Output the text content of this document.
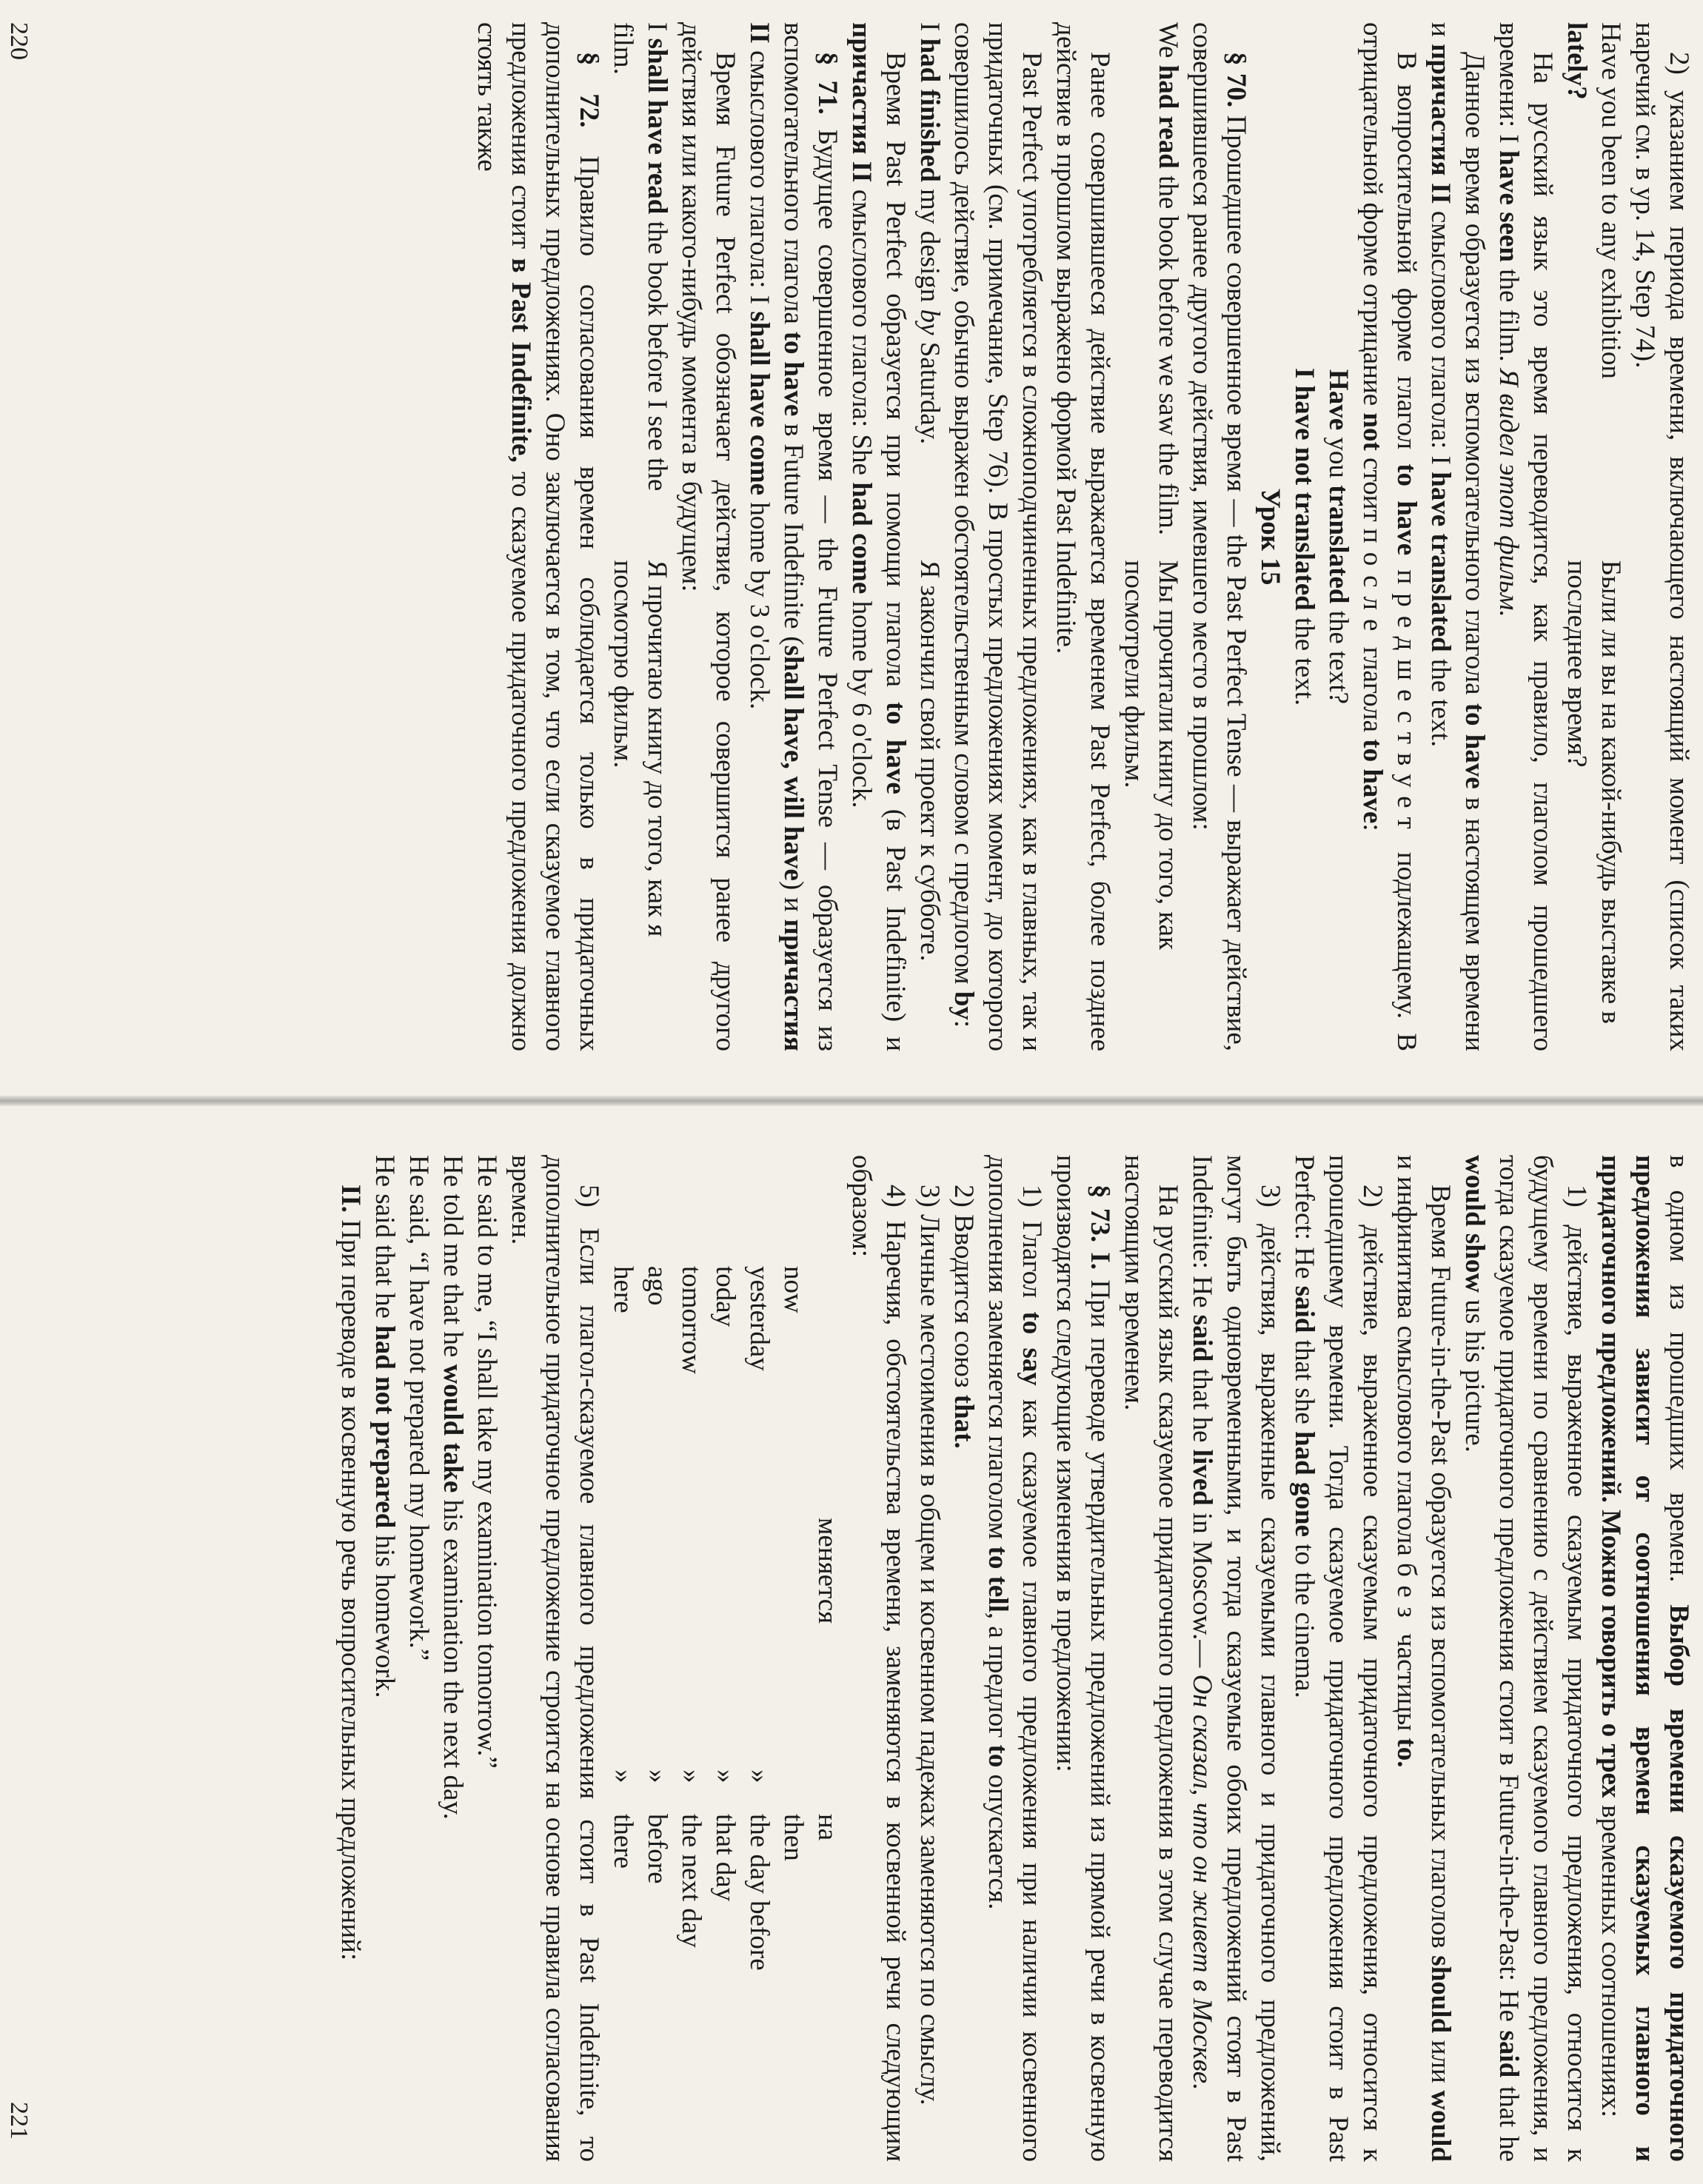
2) указанием периода времени, включающего настоящий момент (список таких наречий см. в ур. 14, Step 74).

Have you been to any exhibition
lately?
Были ли вы на какой-нибудь выставке в последнее время?

На русский язык это время переводится, как правило, глаголом прошедшего времени: I have seen the film. Я видел этот фильм.

Данное время образуется из вспомогательного глагола to have в настоящем времени и причастия II смыслового глагола: I have translated the text.

В вопросительной форме глагол to have предшествует подлежащему. В отрицательной форме отрицание not стоит после глагола to have:

Have you translated the text?

I have not translated the text.

Урок 15

§ 70. Прошедшее совершенное время — the Past Perfect Tense — выражает действие, совершившееся ранее другого действия, имевшего место в прошлом:

We had read the book before we saw the film.
Мы прочитали книгу до того, как посмотрели фильм.

Ранее совершившееся действие выражается временем Past Perfect, более позднее действие в прошлом выражено формой Past Indefinite.

Past Perfect употребляется в сложноподчиненных предложениях, как в главных, так и придаточных (см. примечание, Step 76). В простых предложениях момент, до которого совершилось действие, обычно выражен обстоятельственным словом с предлогом by:

I had finished my design by Saturday.
Я закончил свой проект к субботе.

Время Past Perfect образуется при помощи глагола to have (в Past Indefinite) и причастия II смыслового глагола: She had come home by 6 o'clock.

§ 71. Будущее совершенное время — the Future Perfect Tense — образуется из вспомогательного глагола to have в Future Indefinite (shall have, will have) и причастия II смыслового глагола: I shall have come home by 3 o'clock.

Время Future Perfect обозначает действие, которое совершится ранее другого действия или какого-нибудь момента в будущем:

I shall have read the book before I see the film.
Я прочитаю книгу до того, как я посмотрю фильм.

§ 72. Правило согласования времен соблюдается только в придаточных дополнительных предложениях. Оно заключается в том, что если сказуемое главного предложения стоит в Past Indefinite, то сказуемое придаточного предложения должно стоять также

220

в одном из прошедших времен. Выбор времени сказуемого придаточного предложения зависит от соотношения времен сказуемых главного и придаточного предложений. Можно говорить о трех временных соотношениях:

1) действие, выраженное сказуемым придаточного предложения, относится к будущему времени по сравнению с действием сказуемого главного предложения, и тогда сказуемое придаточного предложения стоит в Future-in-the-Past: He said that he would show us his picture.

Время Future-in-the-Past образуется из вспомогательных глаголов should или would и инфинитива смыслового глагола без частицы to.

2) действие, выраженное сказуемым придаточного предложения, относится к прошедшему времени. Тогда сказуемое придаточного предложения стоит в Past Perfect: He said that she had gone to the cinema.

3) действия, выраженные сказуемыми главного и придаточного предложений, могут быть одновременными, и тогда сказуемые обоих предложений стоят в Past Indefinite: He said that he lived in Moscow.— Он сказал, что он живет в Москве.

На русский язык сказуемое придаточного предложения в этом случае переводится настоящим временем.

§ 73. I. При переводе утвердительных предложений из прямой речи в косвенную производятся следующие изменения в предложении:

1) Глагол to say как сказуемое главного предложения при наличии косвенного дополнения заменяется глаголом to tell, а предлог to опускается.

2) Вводится союз that.

3) Личные местоимения в общем и косвенном падежах заменяются по смыслу.

4) Наречия, обстоятельства времени, заменяются в косвенной речи следующим образом:

меняется
на
now
then
yesterday
»
the day before
today
»
that day
tomorrow
»
the next day
ago
»
before
here
»
there

5) Если глагол-сказуемое главного предложения стоит в Past Indefinite, то дополнительное придаточное предложение строится на основе правила согласования времен.

He said to me, “I shall take my examination tomorrow.”

He told me that he would take his examination the next day.

He said, “I have not prepared my homework.”

He said that he had not prepared his homework.

II. При переводе в косвенную речь вопросительных предложений:

221
